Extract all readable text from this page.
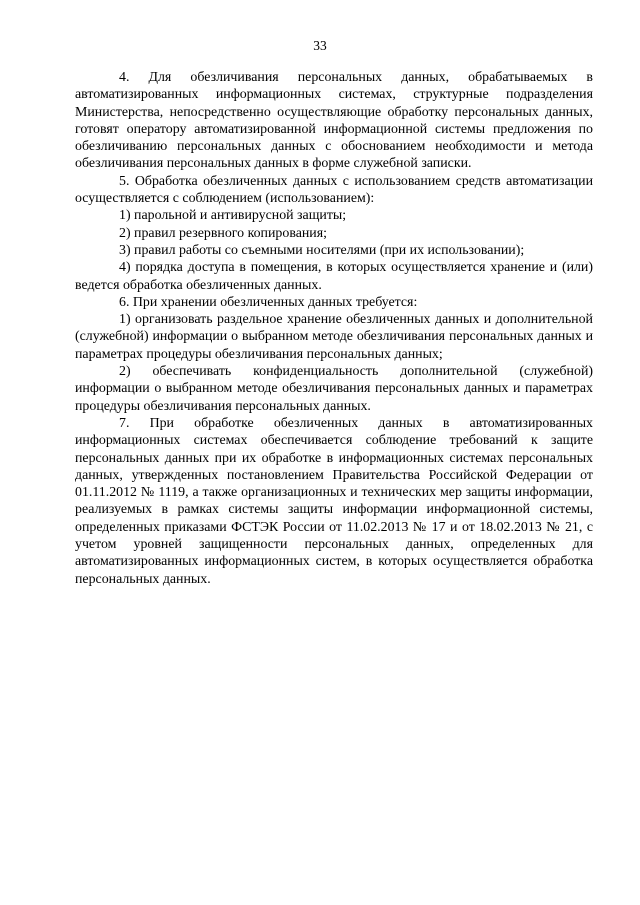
33

4. Для обезличивания персональных данных, обрабатываемых в автоматизированных информационных системах, структурные подразделения Министерства, непосредственно осуществляющие обработку персональных данных, готовят оператору автоматизированной информационной системы предложения по обезличиванию персональных данных с обоснованием необходимости и метода обезличивания персональных данных в форме служебной записки.

5. Обработка обезличенных данных с использованием средств автоматизации осуществляется с соблюдением (использованием):

1) парольной и антивирусной защиты;

2) правил резервного копирования;

3) правил работы со съемными носителями (при их использовании);

4) порядка доступа в помещения, в которых осуществляется хранение и (или) ведется обработка обезличенных данных.

6. При хранении обезличенных данных требуется:

1) организовать раздельное хранение обезличенных данных и дополнительной (служебной) информации о выбранном методе обезличивания персональных данных и параметрах процедуры обезличивания персональных данных;

2) обеспечивать конфиденциальность дополнительной (служебной) информации о выбранном методе обезличивания персональных данных и параметрах процедуры обезличивания персональных данных.

7. При обработке обезличенных данных в автоматизированных информационных системах обеспечивается соблюдение требований к защите персональных данных при их обработке в информационных системах персональных данных, утвержденных постановлением Правительства Российской Федерации от 01.11.2012 № 1119, а также организационных и технических мер защиты информации, реализуемых в рамках системы защиты информации информационной системы, определенных приказами ФСТЭК России от 11.02.2013 № 17 и от 18.02.2013 № 21, с учетом уровней защищенности персональных данных, определенных для автоматизированных информационных систем, в которых осуществляется обработка персональных данных.
